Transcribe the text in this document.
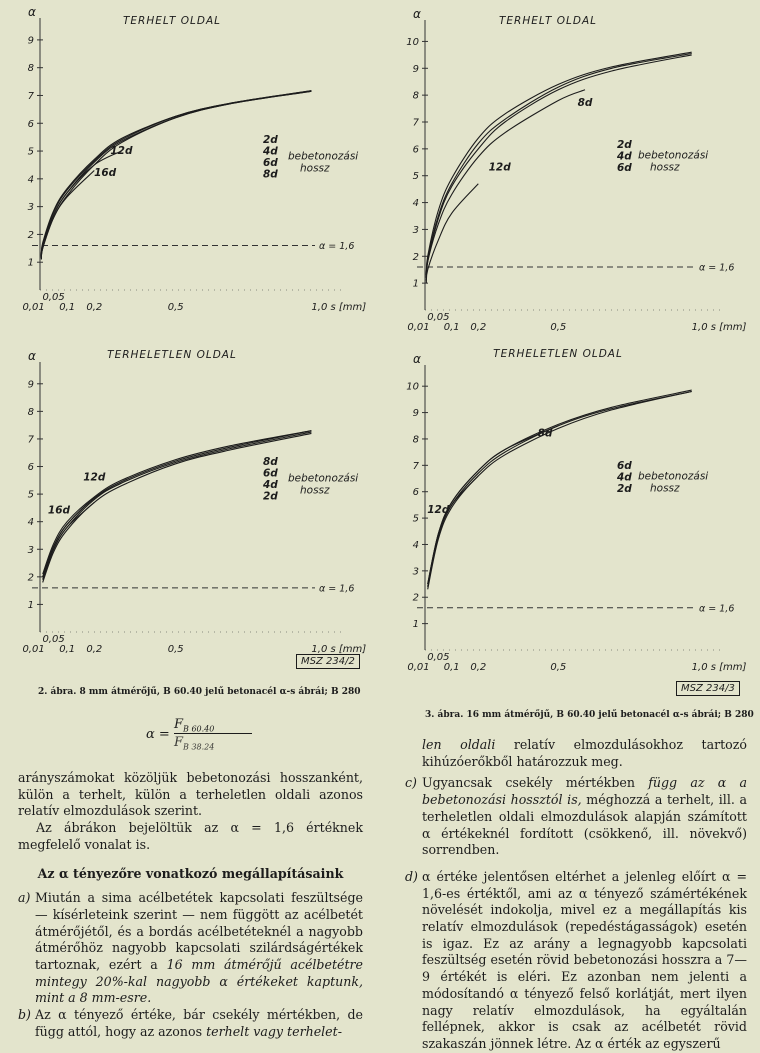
TERHELT OLDAL
α
1
2
3
4
5
6
7
8
9
0,01
0,05
0,1 0,2	0,5	1,0 s [mm]
α = 1,6
12d
16d
2d
4d
6d
8d
bebetonozási
hossz
TERHELETLEN OLDAL
α
1
2
3
4
5
6
7
8
9
0,01
0,05
0,1 0,2	0,5	1,0 s [mm]
α = 1,6
12d
16d
8d
6d
4d
2d
bebetonozási
hossz
TERHELT OLDAL
α
1
2
3
4
5
6
7
8
9
10
0,01
0,05
0,1 0,2	0,5	1,0 s [mm]
α = 1,6
8d
12d
2d
4d
6d
bebetonozási
hossz
TERHELETLEN OLDAL
α
1
2
3
4
5
6
7
8
9
10
0,01
0,05
0,1 0,2	0,5	1,0 s [mm]
α = 1,6
8d
12d
6d
4d
2d
bebetonozási
hossz
MSZ 234/2
MSZ 234/3
2. ábra. 8 mm átmérőjű, B 60.40 jelű betonacél α-s ábrái; B 280
3. ábra. 16 mm átmérőjű, B 60.40 jelű betonacél α-s ábrái; B 280
α =
$F_{B 60.40}$
$F_{B 38.24}$

arányszámokat közöljük bebetonozási hosszanként, külön a terhelt, külön a terheletlen oldali azonos relatív elmozdulások szerint.

Az ábrákon bejelöltük az α = 1,6 értéknek megfelelő vonalat is.

Az α tényezőre vonatkozó megállapításaink

a) Miután a sima acélbetétek kapcsolati feszültsége — kísérleteink szerint — nem függött az acélbetét átmérőjétől, és a bordás acélbetéteknél a nagyobb átmérőhöz nagyobb kapcsolati szilárdságértékek tartoznak, ezért a 16 mm átmérőjű acélbetétre mintegy 20%-kal nagyobb α értékeket kaptunk, mint a 8 mm-esre.

b) Az α tényező értéke, bár csekély mértékben, de függ attól, hogy az azonos terhelt vagy terhelet-

len oldali relatív elmozdulásokhoz tartozó kihúzóerőkből határozzuk meg.

c) Ugyancsak csekély mértékben függ az α a bebetonozási hossztól is, méghozzá a terhelt, ill. a terheletlen oldali elmozdulások alapján számított α értékeknél fordított (csökkenő, ill. növekvő) sorrendben.

d) α értéke jelentősen eltérhet a jelenleg előírt α = 1,6-es értéktől, ami az α tényező számértékének növelését indokolja, mivel ez a megállapítás kis relatív elmozdulások (repedéstágasságok) esetén is igaz. Ez az arány a legnagyobb kapcsolati feszültség esetén rövid bebetonozási hosszra a 7—9 értékét is eléri. Ez azonban nem jelenti a módosítandó α tényező felső korlátját, mert ilyen nagy relatív elmozdulások, ha egyáltalán fellépnek, akkor is csak az acélbetét rövid szakaszán jönnek létre. Az α érték az egyszerű
